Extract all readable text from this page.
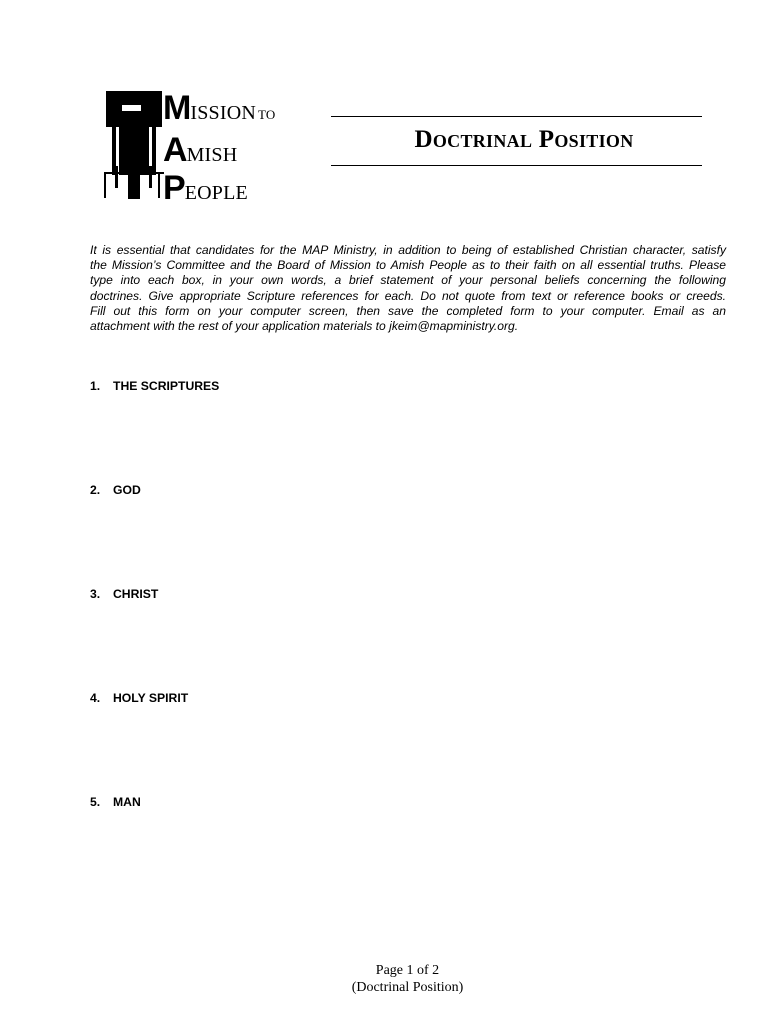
MISSION TO
AMISH
PEOPLE
Doctrinal Position
It is essential that candidates for the MAP Ministry, in addition to being of established Christian character, satisfy
the Mission’s Committee and the Board of Mission to Amish People as to their faith on all essential truths. Please
type into each box, in your own words, a brief statement of your personal beliefs concerning the following
doctrines. Give appropriate Scripture references for each. Do not quote from text or reference books or creeds.
Fill out this form on your computer screen, then save the completed form to your computer. Email as an
attachment with the rest of your application materials to jkeim@mapministry.org.
1. THE SCRIPTURES
2. GOD
3. CHRIST
4. HOLY SPIRIT
5. MAN
Page 1 of 2
(Doctrinal Position)
